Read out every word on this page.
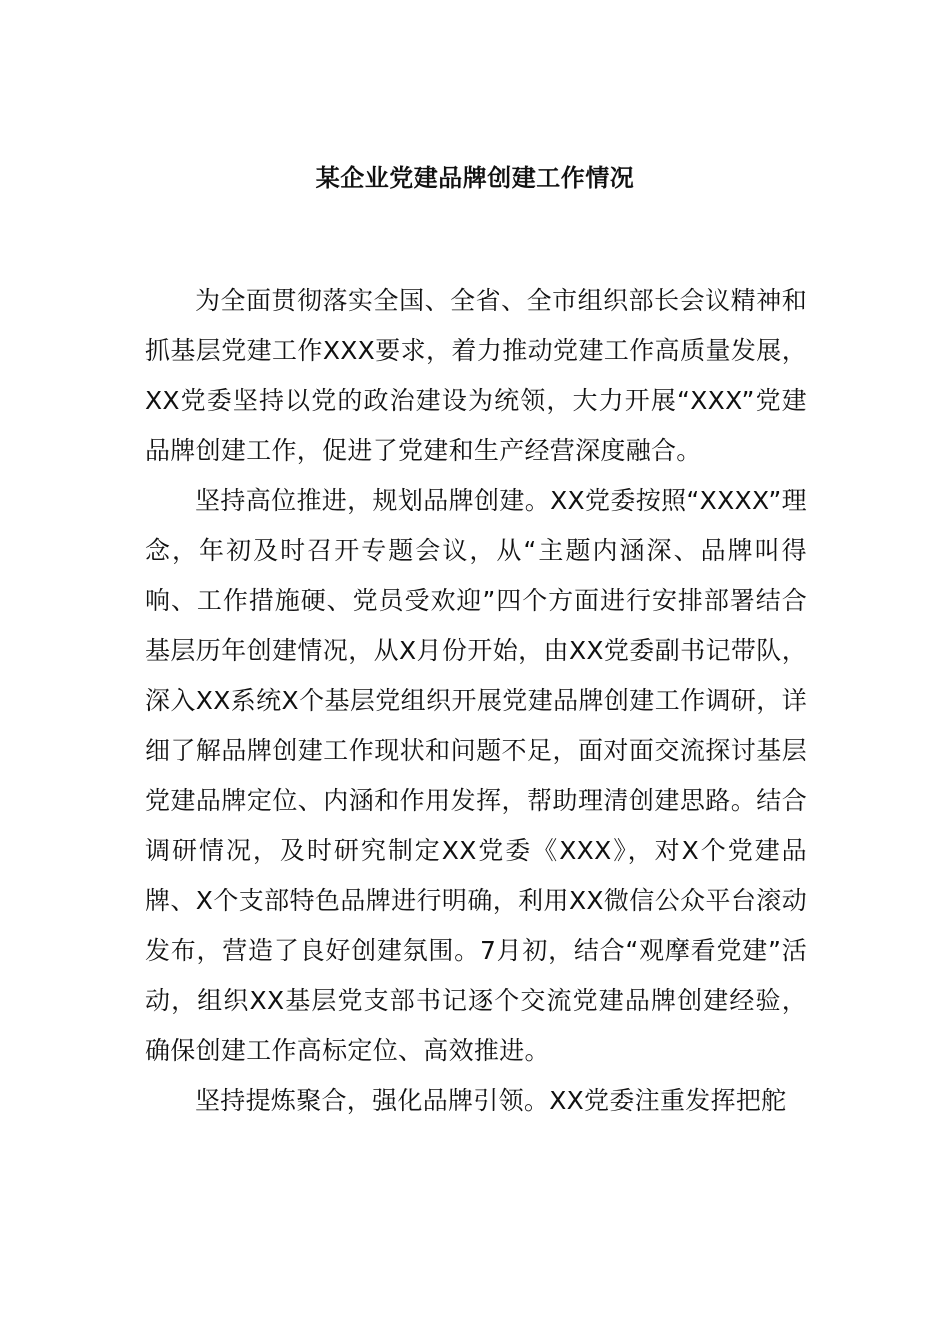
某企业党建品牌创建工作情况

为全面贯彻落实全国、全省、全市组织部长会议精神和抓基层党建工作XXX要求，着力推动党建工作高质量发展，XX党委坚持以党的政治建设为统领，大力开展“XXX”党建品牌创建工作，促进了党建和生产经营深度融合。

坚持高位推进，规划品牌创建。XX党委按照“XXXX”理念，年初及时召开专题会议，从“主题内涵深、品牌叫得响、工作措施硬、党员受欢迎”四个方面进行安排部署结合基层历年创建情况，从X月份开始，由XX党委副书记带队，深入XX系统X个基层党组织开展党建品牌创建工作调研，详细了解品牌创建工作现状和问题不足，面对面交流探讨基层党建品牌定位、内涵和作用发挥，帮助理清创建思路。结合调研情况，及时研究制定XX党委《XXX》，对X个党建品牌、X个支部特色品牌进行明确，利用XX微信公众平台滚动发布，营造了良好创建氛围。7月初，结合“观摩看党建”活动，组织XX基层党支部书记逐个交流党建品牌创建经验，确保创建工作高标定位、高效推进。

坚持提炼聚合，强化品牌引领。XX党委注重发挥把舵
